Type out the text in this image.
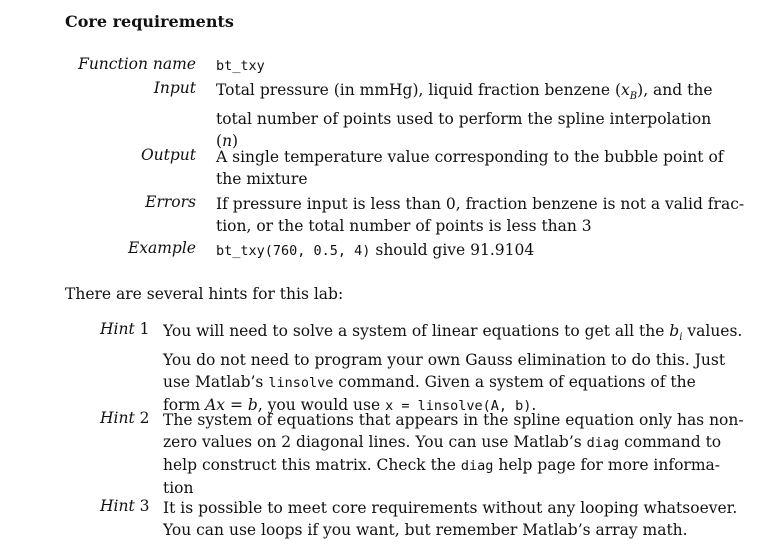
Core requirements
Function name bt_txy
Input Total pressure (in mmHg), liquid fraction benzene $(x_B)$, and the
total number of points used to perform the spline interpolation
(n)
Output A single temperature value corresponding to the bubble point of
the mixture
Errors If pressure input is less than 0, fraction benzene is not a valid frac-
tion, or the total number of points is less than 3
Example bt_txy(760, 0.5, 4) should give 91.9104
There are several hints for this lab:
Hint 1 You will need to solve a system of linear equations to get all the $b_i$ values.
You do not need to program your own Gauss elimination to do this. Just
use Matlab’s linsolve command. Given a system of equations of the
form Ax = b, you would use x = linsolve(A, b).
Hint 2 The system of equations that appears in the spline equation only has non-
zero values on 2 diagonal lines. You can use Matlab’s diag command to
help construct this matrix. Check the diag help page for more informa-
tion
Hint 3 It is possible to meet core requirements without any looping whatsoever.
You can use loops if you want, but remember Matlab’s array math.
